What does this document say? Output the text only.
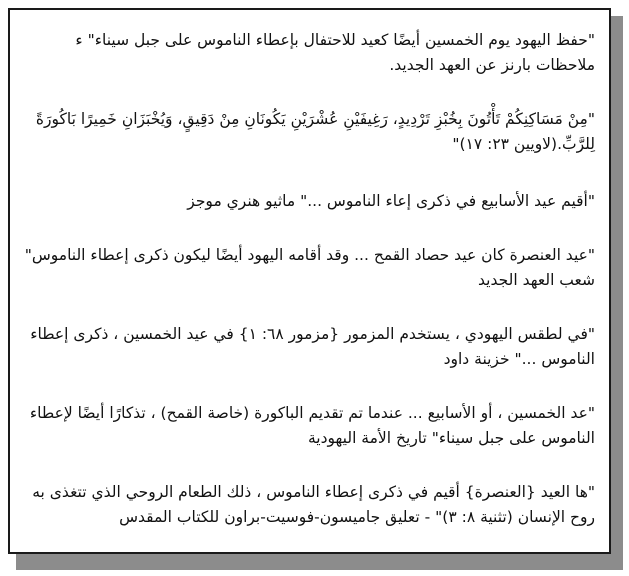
"حفظ اليهود يوم الخمسين أيضًا كعيد للاحتفال بإعطاء الناموس على جبل سيناء" ء ملاحظات بارنز عن العهد الجديد.

"مِنْ مَسَاكِنِكُمْ تَأْتُونَ بِخُبْزِ تَرْدِيدٍ، رَغِيفَيْنِ عُشْرَيْنِ يَكُونَانِ مِنْ دَقِيقٍ، وَيُخْبَزَانِ خَمِيرًا بَاكُورَةً لِلرَّبِّ.(لاويين ٢٣: ١٧)"

"أقيم عيد الأسابيع في ذكرى إعاء الناموس ..." ماثيو هنري موجز

"عيد العنصرة كان عيد حصاد القمح ... وقد أقامه اليهود أيضًا ليكون ذكرى إعطاء الناموس" شعب العهد الجديد

"في لطقس اليهودي ، يستخدم المزمور {مزمور ٦٨: ١} في عيد الخمسين ، ذكرى إعطاء الناموس ..." خزينة داود

"عد الخمسين ، أو الأسابيع ... عندما تم تقديم الباكورة (خاصة القمح) ، تذكارًا أيضًا لإعطاء الناموس على جبل سيناء" تاريخ الأمة اليهودية

"ها العيد {العنصرة} أقيم في ذكرى إعطاء الناموس ، ذلك الطعام الروحي الذي تتغذى به روح الإنسان (تثنية ٨: ٣)" - تعليق جاميسون-فوسيت-براون للكتاب المقدس
